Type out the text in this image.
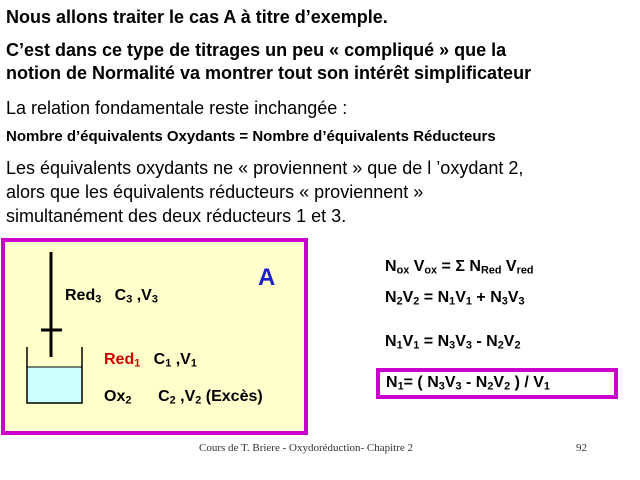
Nous allons traiter le cas A à titre d’exemple.
C’est dans ce type de titrages un peu « compliqué » que la
notion de Normalité va montrer tout son intérêt simplificateur
La relation fondamentale reste inchangée :
Nombre d’équivalents Oxydants = Nombre d’équivalents Réducteurs
Les équivalents oxydants ne « proviennent » que de l ’oxydant 2,
alors que les équivalents réducteurs « proviennent »
simultanément des deux réducteurs 1 et 3.
Red$_3$ $C_3$ $,V_3$
A
Red$_1$ $C_1$ $,V_1$
$Ox_2$ $C_2$ $,V_2$ (Excès)
$N_{ox}$ $V_{ox} = \Sigma$ $N_{Red}$ $V_{red}$
$N_2V_2 = N_1V_1 + N_3V_3$
$N_1V_1 = N_3V_3 - N_2V_2$
$N_1=$ ( $N_3V_3 - N_2V_2$ ) / $V_1$
Cours de T. Briere - Oxydoréduction- Chapitre 2	92
